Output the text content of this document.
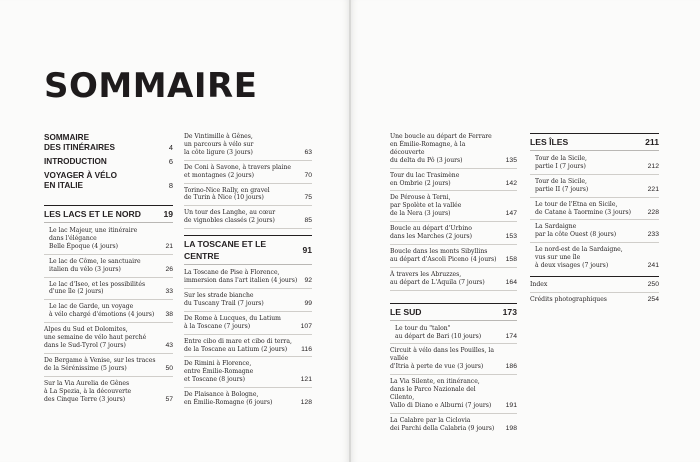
SOMMAIRE
SOMMAIRE
DES ITINÉRAIRES	4
INTRODUCTION	6
VOYAGER À VÉLO
EN ITALIE	8
LES LACS ET LE NORD	19
Le lac Majeur, une itinéraire
dans l'élégance
Belle Époque (4 jours)	21
Le lac de Côme, le sanctuaire
italien du vélo (3 jours)	26
Le lac d'Iseo, et les possibilités
d'une île (2 jours)	33
Le lac de Garde, un voyage
à vélo chargé d'émotions (4 jours)	38
Alpes du Sud et Dolomites,
une semaine de vélo haut perché
dans le Sud-Tyrol (7 jours)	43
De Bergame à Venise, sur les traces
de la Sérénissime (5 jours)	50
Sur la Via Aurelia de Gênes
à La Spezia, à la découverte
des Cinque Terre (3 jours)	57
De Vintimille à Gênes,
un parcours à vélo sur
la côte ligure (3 jours)	63
De Coni à Savone, à travers plaine
et montagnes (2 jours)	70
Torino-Nice Rally, en gravel
de Turin à Nice (10 jours)	75
Un tour des Langhe, au cœur
de vignobles classés (2 jours)	85
LA TOSCANE ET LE CENTRE
91
La Toscane de Pise à Florence,
immersion dans l'art italien (4 jours)	92
Sur les strade bianche
du Tuscany Trail (7 jours)	99
De Rome à Lucques, du Latium
à la Toscane (7 jours)	107
Entre cibo di mare et cibo di terra,
de la Toscane au Latium (2 jours)	116
De Rimini à Florence,
entre Émilie-Romagne
et Toscane (8 jours)	121
De Plaisance à Bologne,
en Émilie-Romagne (6 jours)	128
Une boucle au départ de Ferrare
en Émilie-Romagne, à la découverte
du delta du Pô (3 jours)	135
Tour du lac Trasimène
en Ombrie (2 jours)	142
De Pérouse à Terni,
par Spolète et la vallée
de la Nera (3 jours)	147
Boucle au départ d'Urbino
dans les Marches (2 jours)	153
Boucle dans les monts Sibyllins
au départ d'Ascoli Piceno (4 jours)	158
À travers les Abruzzes,
au départ de L'Aquila (7 jours)	164
LE SUD	173
Le tour du "talon"
au départ de Bari (10 jours)	174
Circuit à vélo dans les Pouilles, la vallée
d'Itria à perte de vue (3 jours)	186
La Via Silente, en itinérance,
dans le Parco Nazionale del Cilento,
Vallo di Diano e Alburni (7 jours)	191
La Calabre par la Ciclovia
dei Parchi della Calabria (9 jours)	198
LES ÎLES	211
Tour de la Sicile,
partie I (7 jours)	212
Tour de la Sicile,
partie II (7 jours)	221
Le tour de l'Etna en Sicile,
de Catane à Taormine (3 jours)	228
La Sardaigne
par la côte Ouest (8 jours)	233
Le nord-est de la Sardaigne,
vus sur une île
à deux visages (7 jours)	241
Index	250
Crédits photographiques	254
